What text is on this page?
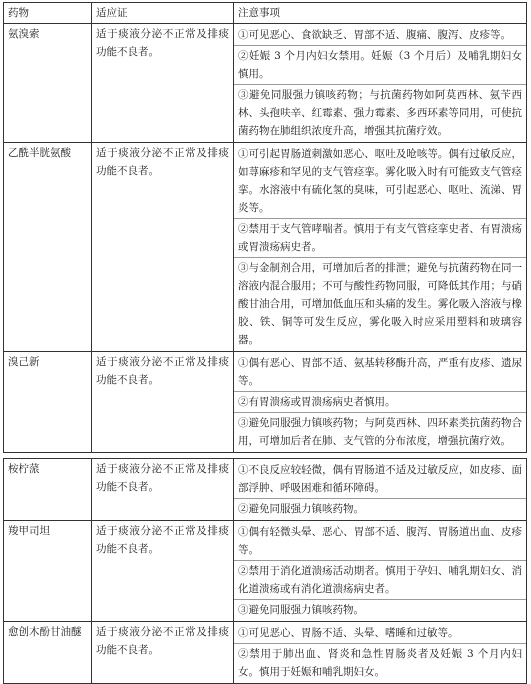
药物	适应证	注意事项
氨溴索	适于痰液分泌不正常及排痰功能不良者。	①可见恶心、食欲缺乏、胃部不适、腹痛、腹泻、皮疹等。
②妊娠 3 个月内妇女禁用。妊娠（3 个月后）及哺乳期妇女慎用。
③避免同服强力镇咳药物；与抗菌药物如阿莫西林、氨苄西林、头孢呋辛、红霉素、强力霉素、多西环素等同用，可使抗菌药物在肺组织浓度升高，增强其抗菌疗效。

乙酰半胱氨酸	适于痰液分泌不正常及排痰功能不良者。	①可引起胃肠道刺激如恶心、呕吐及呛咳等。偶有过敏反应，如荨麻疹和罕见的支气管痉挛。雾化吸入时有可能致支气管痉挛。水溶液中有硫化氢的臭味，可引起恶心、呕吐、流涕、胃炎等。
②禁用于支气管哮喘者。慎用于有支气管痉挛史者、有胃溃疡或胃溃疡病史者。
③与金制剂合用，可增加后者的排泄；避免与抗菌药物在同一溶液内混合服用；不可与酸性药物同服，可降低其作用；与硝酸甘油合用，可增加低血压和头痛的发生。雾化吸入溶液与橡胶、铁、铜等可发生反应，雾化吸入时应采用塑料和玻璃容器。

溴己新	适于痰液分泌不正常及排痰功能不良者。	①偶有恶心、胃部不适、氨基转移酶升高，严重有皮疹、遗尿等。
②有胃溃疡或胃溃疡病史者慎用。
③避免同服强力镇咳药物；与阿莫西林、四环素类抗菌药物合用，可增加后者在肺、支气管的分布浓度，增强抗菌疗效。
桉柠蒎	适于痰液分泌不正常及排痰功能不良者。	①不良反应较轻微，偶有胃肠道不适及过敏反应，如皮疹、面部浮肿、呼吸困难和循环障碍。
②避免同服强力镇咳药物。

羧甲司坦	适于痰液分泌不正常及排痰功能不良者。	①偶有轻微头晕、恶心、胃部不适、腹泻、胃肠道出血、皮疹等。
②禁用于消化道溃疡活动期者。慎用于孕妇、哺乳期妇女、消化道溃疡或有消化道溃疡病史者。
③避免同服强力镇咳药物。

愈创木酚甘油醚	适于痰液分泌不正常及排痰功能不良者。	①可见恶心、胃肠不适、头晕、嗜睡和过敏等。
②禁用于肺出血、肾炎和急性胃肠炎者及妊娠 3 个月内妇女。慎用于妊娠和哺乳期妇女。
